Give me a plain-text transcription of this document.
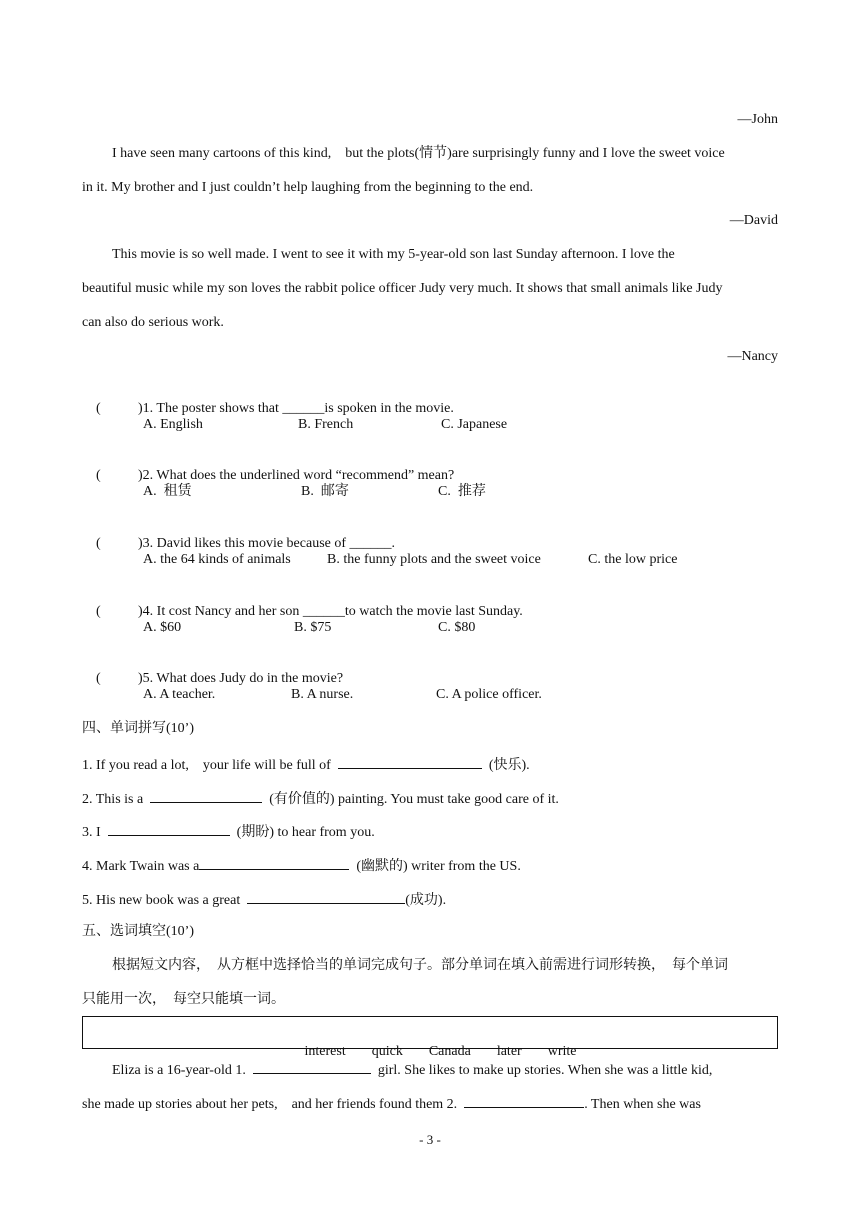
—John
I have seen many cartoons of this kind,    but the plots(情节)are surprisingly funny and I love the sweet voice
in it. My brother and I just couldn’t help laughing from the beginning to the end.
—David
This movie is so well made. I went to see it with my 5-year-old son last Sunday afternoon. I love the
beautiful music while my son loves the rabbit police officer Judy very much. It shows that small animals like Judy
can also do serious work.
—Nancy

(	)1. The poster shows that ______is spoken in the movie.

A. English	B. French	C. Japanese

(	)2. What does the underlined word “recommend” mean?

A.  租赁	B.  邮寄	C.  推荐

(	)3. David likes this movie because of ______.

A. the 64 kinds of animals	B. the funny plots and the sweet voice	C. the low price

(	)4. It cost Nancy and her son ______to watch the movie last Sunday.

A. $60	B. $75	C. $80

(	)5. What does Judy do in the movie?

A. A teacher.	B. A nurse.	C. A police officer.
四、单词拼写(10’)
1. If you read a lot,    your life will be full of	(快乐).
2. This is a	(有价值的) painting. You must take good care of it.
3. I	(期盼) to hear from you.
4. Mark Twain was a	(幽默的) writer from the US.
5. His new book was a great	(成功).
五、选词填空(10’)
根据短文内容，  从方框中选择恰当的单词完成句子。部分单词在填入前需进行词形转换，  每个单词
只能用一次，  每空只能填一词。

interest quick Canada later write

Eliza is a 16-year-old 1.	girl. She likes to make up stories. When she was a little kid,
she made up stories about her pets,    and her friends found them 2.	. Then when she was
- 3 -
